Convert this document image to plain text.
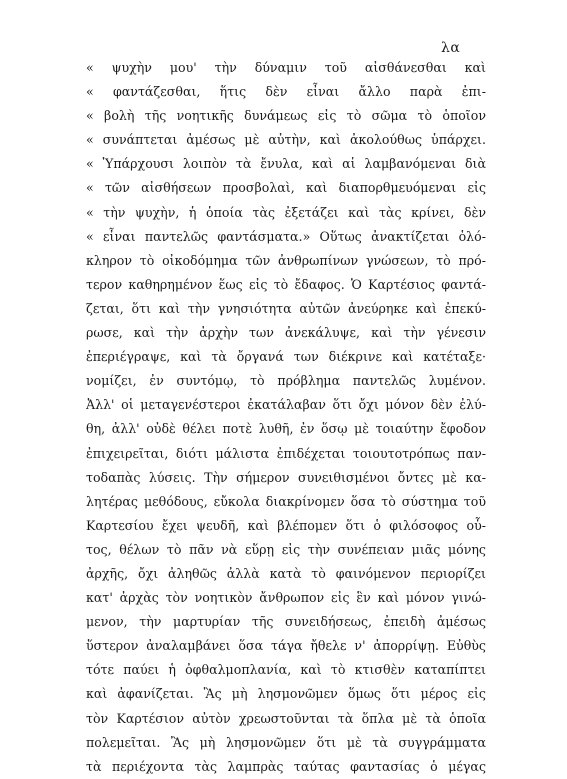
λα
« ψυχὴν μου' τὴν δύναμιν τοῦ αἰσθάνεσθαι καὶ
« φαντάζεσθαι, ἥτις δὲν εἶναι ἄλλο παρὰ ἐπι-
« βολὴ τῆς νοητικῆς δυνάμεως εἰς τὸ σῶμα τὸ ὁποῖον
« συνάπτεται ἀμέσως μὲ αὐτὴν, καὶ ἀκολούθως ὑπάρχει.
« Ὑπάρχουσι λοιπὸν τὰ ἔνυλα, καὶ αἱ λαμβανόμεναι διὰ
« τῶν αἰσθήσεων προσβολαὶ, καὶ διαπορθμευόμεναι εἰς
« τὴν ψυχὴν, ἡ ὁποία τὰς ἐξετάζει καὶ τὰς κρίνει, δὲν
« εἶναι παντελῶς φαντάσματα.» Οὕτως ἀνακτίζεται ὁλό-
κληρον τὸ οἰκοδόμημα τῶν ἀνθρωπίνων γνώσεων, τὸ πρό-
τερον καθηρημένον ἕως εἰς τὸ ἔδαφος. Ὁ Καρτέσιος φαντά-
ζεται, ὅτι καὶ τὴν γνησιότητα αὐτῶν ἀνεύρηκε καὶ ἐπεκύ-
ρωσε, καὶ τὴν ἀρχὴν των ἀνεκάλυψε, καὶ τὴν γένεσιν
ἐπεριέγραψε, καὶ τὰ ὄργανά των διέκρινε καὶ κατέταξε·
νομίζει, ἐν συντόμῳ, τὸ πρόβλημα παντελῶς λυμένον.
Ἀλλ' οἱ μεταγενέστεροι ἐκατάλαβαν ὅτι ὄχι μόνον δὲν ἐλύ-
θη, ἀλλ' οὐδὲ θέλει ποτὲ λυθῆ, ἐν ὅσῳ μὲ τοιαύτην ἔφοδον
ἐπιχειρεῖται, διότι μάλιστα ἐπιδέχεται τοιουτοτρόπως παν-
τοδαπὰς λύσεις. Τὴν σήμερον συνειθισμένοι ὄντες μὲ κα-
λητέρας μεθόδους, εὔκολα διακρίνομεν ὅσα τὸ σύστημα τοῦ
Καρτεσίου ἔχει ψευδῆ, καὶ βλέπομεν ὅτι ὁ φιλόσοφος οὗ-
τος, θέλων τὸ πᾶν νὰ εὕρῃ εἰς τὴν συνέπειαν μιᾶς μόνης
ἀρχῆς, ὄχι ἀληθῶς ἀλλὰ κατὰ τὸ φαινόμενον περιορίζει
κατ' ἀρχὰς τὸν νοητικὸν ἄνθρωπον εἰς ἓν καὶ μόνον γινώ-
μενον, τὴν μαρτυρίαν τῆς συνειδήσεως, ἐπειδὴ ἀμέσως
ὕστερον ἀναλαμβάνει ὅσα τάγα ἤθελε ν' ἀπορρίψῃ. Εὐθὺς
τότε παύει ἡ ὀφθαλμοπλανία, καὶ τὸ κτισθὲν καταπίπτει
καὶ ἀφανίζεται. Ἂς μὴ λησμονῶμεν ὅμως ὅτι μέρος εἰς
τὸν Καρτέσιον αὐτὸν χρεωστοῦνται τὰ ὅπλα μὲ τὰ ὁποῖα
πολεμεῖται. Ἂς μὴ λησμονῶμεν ὅτι μὲ τὰ συγγράμματα
τὰ περιέχοντα τὰς λαμπρὰς ταύτας φαντασίας ὁ μέγας
